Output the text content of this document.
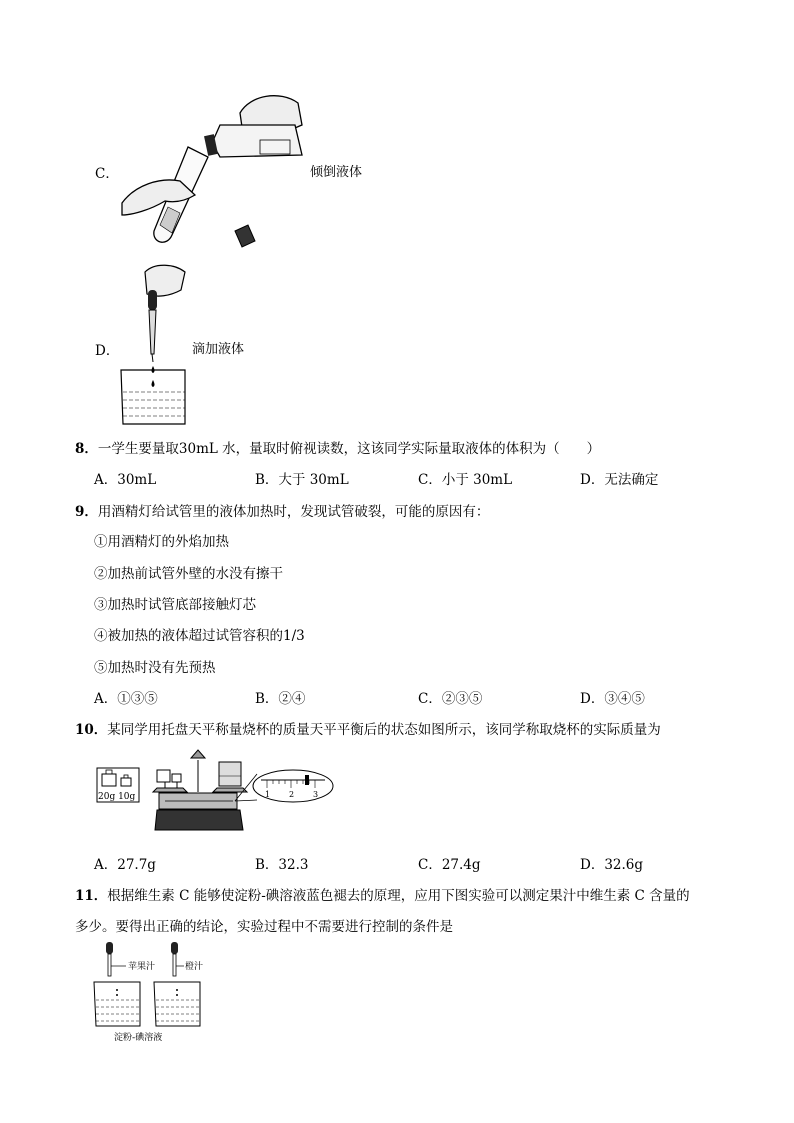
C．	倾倒液体
D．	滴加液体
8．一学生要量取30mL 水，量取时俯视读数，这该同学实际量取液体的体积为（　　）
A．30mL	B．大于 30mL	C．小于 30mL	D．无法确定
9．用酒精灯给试管里的液体加热时，发现试管破裂，可能的原因有：
①用酒精灯的外焰加热
②加热前试管外壁的水没有擦干
③加热时试管底部接触灯芯
④被加热的液体超过试管容积的1/3
⑤加热时没有先预热
A．①③⑤	B．②④	C．②③⑤	D．③④⑤
10．某同学用托盘天平称量烧杯的质量天平平衡后的状态如图所示，该同学称取烧杯的实际质量为
20g 10g	1 2 3
A．27.7g	B．32.3	C．27.4g	D．32.6g
11．根据维生素 C 能够使淀粉-碘溶液蓝色褪去的原理，应用下图实验可以测定果汁中维生素 C 含量的
多少。要得出正确的结论，实验过程中不需要进行控制的条件是
苹果汁	橙汁
淀粉-碘溶液
